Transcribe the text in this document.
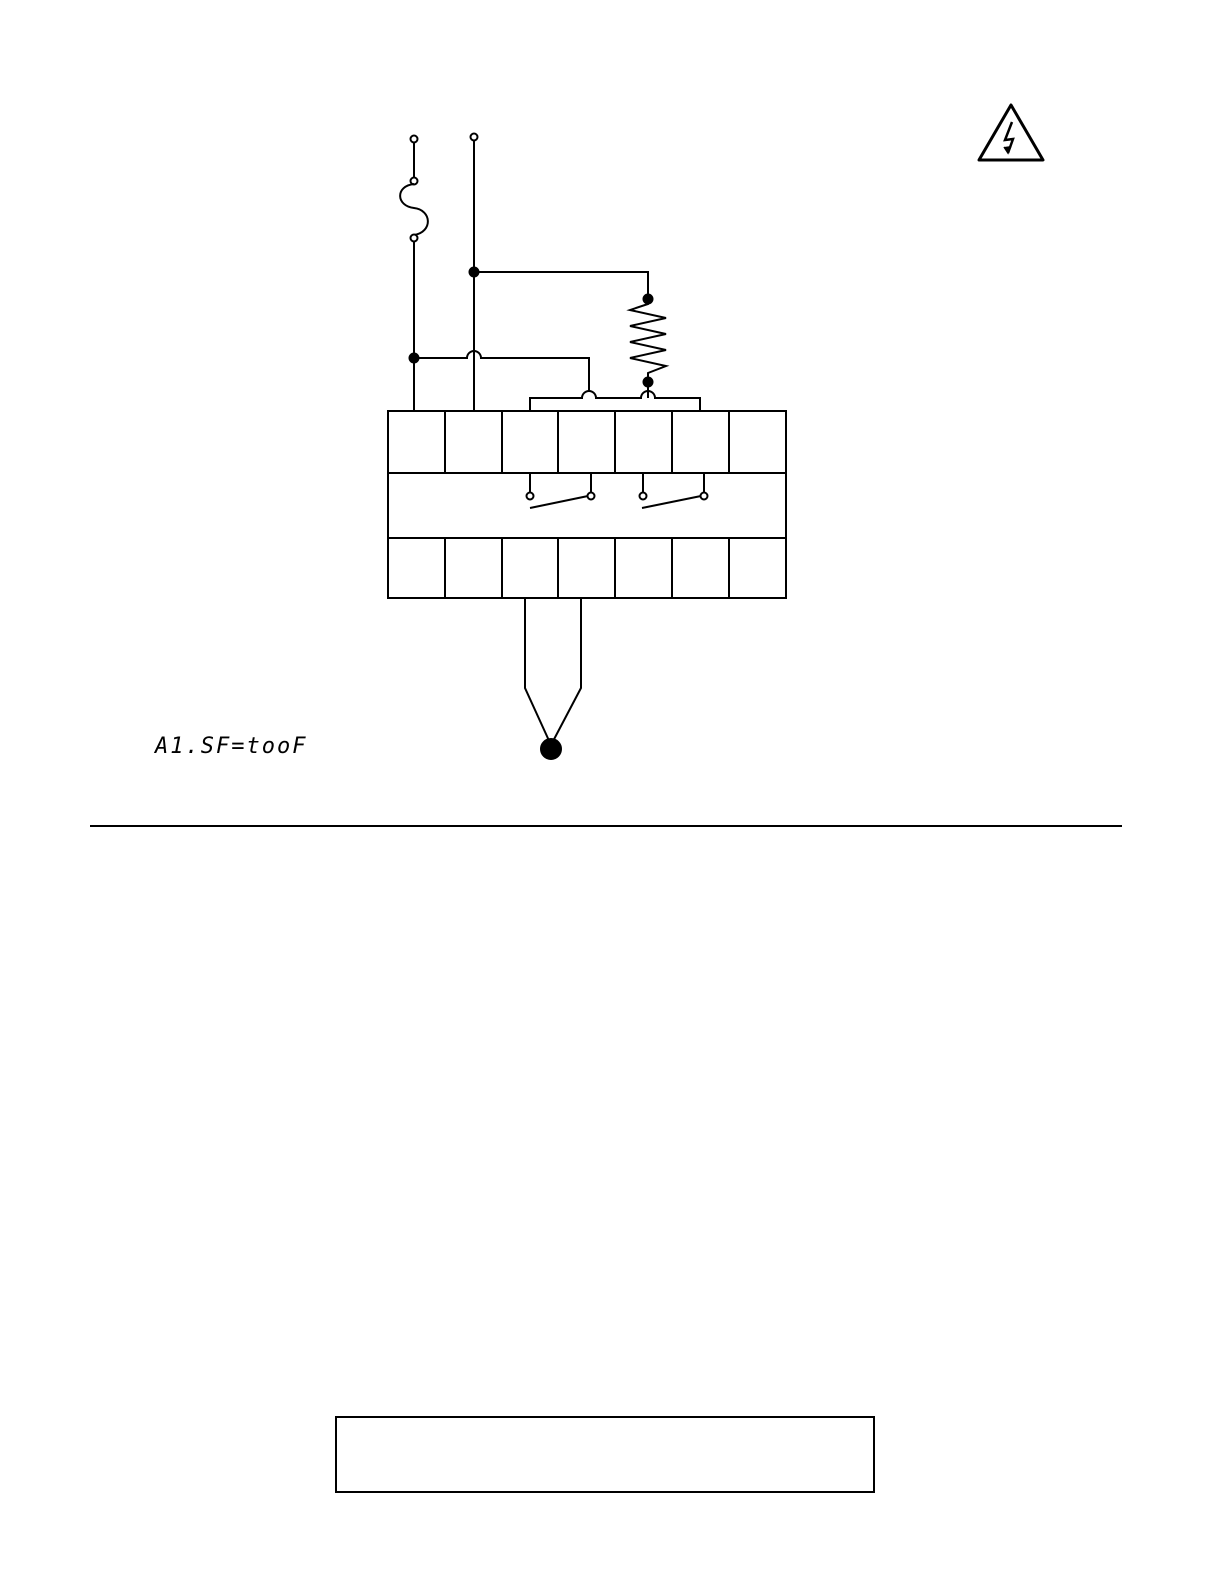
A1.SF=tooF
